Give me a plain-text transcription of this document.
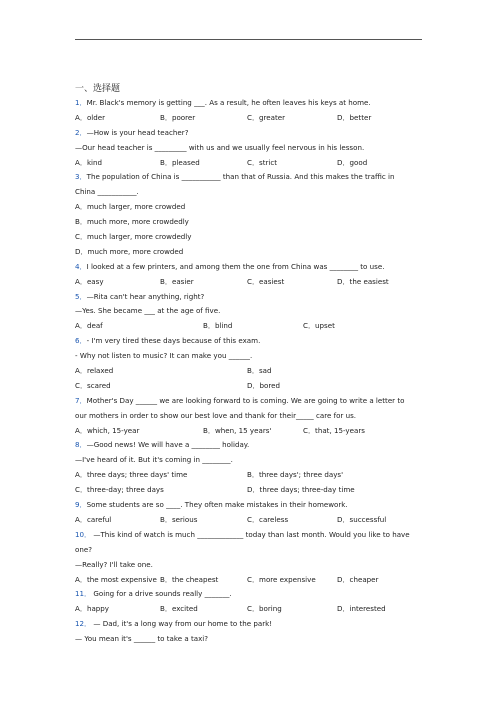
一、选择题
1．Mr. Black's memory is getting ___. As a result, he often leaves his keys at home.
A．older	B．poorer	C．greater	D．better
2．—How is your head teacher?
—Our head teacher is _________ with us and we usually feel nervous in his lesson.
A．kind	B．pleased	C．strict	D．good
3．The population of China is ___________ than that of Russia. And this makes the traffic in
China ___________.
A．much larger, more crowded
B．much more, more crowdedly
C．much larger, more crowdedly
D．much more, more crowded
4．I looked at a few printers, and among them the one from China was ________ to use.
A．easy	B．easier	C．easiest	D．the easiest
5．—Rita can't hear anything, right?
—Yes. She became ___ at the age of five.
A．deaf	B．blind	C．upset
6．- I'm very tired these days because of this exam.
- Why not listen to music? It can make you ______.
A．relaxed	B．sad
C．scared	D．bored
7．Mother's Day ______ we are looking forward to is coming. We are going to write a letter to
our mothers in order to show our best love and thank for their_____ care for us.
A．which, 15-year	B．when, 15 years'	C．that, 15-years
8．—Good news! We will have a ________ holiday.
—I've heard of it. But it's coming in ________.
A．three days; three days' time	B．three days'; three days'
C．three-day; three days	D．three days; three-day time
9．Some students are so ____. They often make mistakes in their homework.
A．careful	B．serious	C．careless	D．successful
10． —This kind of watch is much _____________ today than last month. Would you like to have
one?
—Really? I'll take one.
A．the most expensive B．the cheapest	C．more expensive	D．cheaper
11． Going for a drive sounds really _______.
A．happy	B．excited	C．boring	D．interested
12． — Dad, it's a long way from our home to the park!
— You mean it's ______ to take a taxi?
